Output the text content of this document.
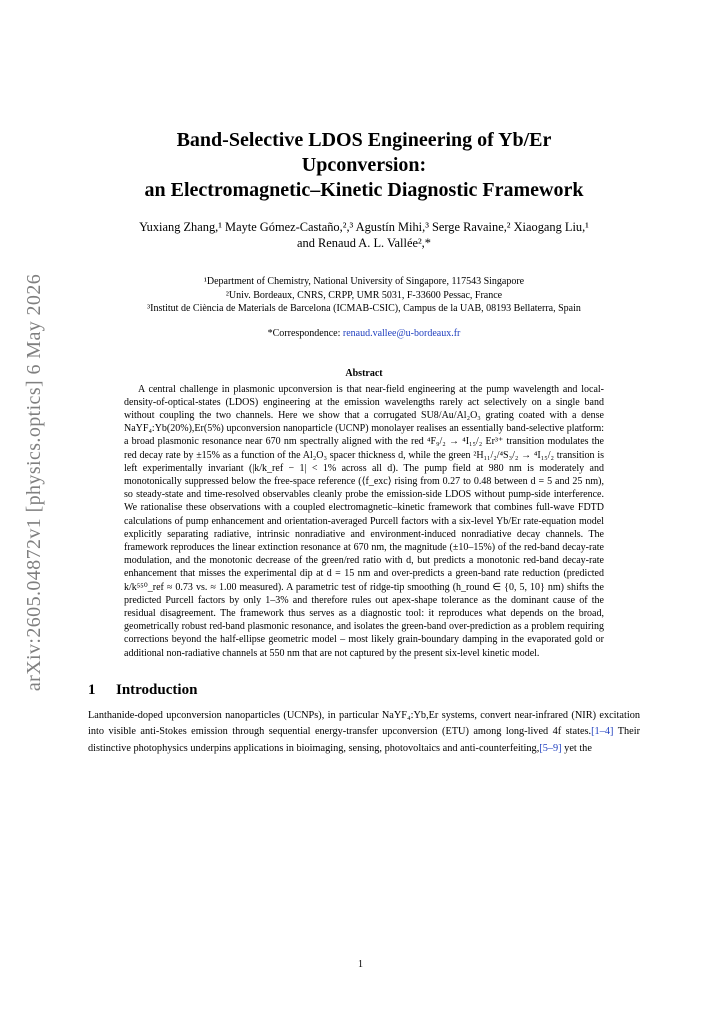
arXiv:2605.04872v1 [physics.optics] 6 May 2026
Band-Selective LDOS Engineering of Yb/Er
Upconversion:
an Electromagnetic–Kinetic Diagnostic Framework
Yuxiang Zhang,¹ Mayte Gómez-Castaño,²,³ Agustín Mihi,³ Serge Ravaine,² Xiaogang Liu,¹
and Renaud A. L. Vallée²,*
¹Department of Chemistry, National University of Singapore, 117543 Singapore
²Univ. Bordeaux, CNRS, CRPP, UMR 5031, F-33600 Pessac, France
³Institut de Ciència de Materials de Barcelona (ICMAB-CSIC), Campus de la UAB, 08193 Bellaterra, Spain
*Correspondence: renaud.vallee@u-bordeaux.fr
Abstract
A central challenge in plasmonic upconversion is that near-field engineering at the pump wavelength and local-density-of-optical-states (LDOS) engineering at the emission wavelengths rarely act selectively on a single band without coupling the two channels. Here we show that a corrugated SU8/Au/Al₂O₃ grating coated with a dense NaYF₄:Yb(20%),Er(5%) upconversion nanoparticle (UCNP) monolayer realises an essentially band-selective platform: a broad plasmonic resonance near 670 nm spectrally aligned with the red ⁴F₉/₂ → ⁴I₁₅/₂ Er³⁺ transition modulates the red decay rate by ±15% as a function of the Al₂O₃ spacer thickness d, while the green ²H₁₁/₂/⁴S₃/₂ → ⁴I₁₅/₂ transition is left experimentally invariant (|k/k_ref − 1| < 1% across all d). The pump field at 980 nm is moderately and monotonically suppressed below the free-space reference (⟨f_exc⟩ rising from 0.27 to 0.48 between d = 5 and 25 nm), so steady-state and time-resolved observables cleanly probe the emission-side LDOS without pump-side interference. We rationalise these observations with a coupled electromagnetic–kinetic framework that combines full-wave FDTD calculations of pump enhancement and orientation-averaged Purcell factors with a six-level Yb/Er rate-equation model explicitly separating radiative, intrinsic nonradiative and environment-induced nonradiative decay channels. The framework reproduces the linear extinction resonance at 670 nm, the magnitude (±10–15%) of the red-band decay-rate modulation, and the monotonic decrease of the green/red ratio with d, but predicts a monotonic red-band decay-rate enhancement that misses the experimental dip at d = 15 nm and over-predicts a green-band rate reduction (predicted k/k⁵⁵⁰_ref ≈ 0.73 vs. ≈ 1.00 measured). A parametric test of ridge-tip smoothing (h_round ∈ {0, 5, 10} nm) shifts the predicted Purcell factors by only 1–3% and therefore rules out apex-shape tolerance as the dominant cause of the residual disagreement. The framework thus serves as a diagnostic tool: it reproduces what depends on the broad, geometrically robust red-band plasmonic resonance, and isolates the green-band over-prediction as a problem requiring corrections beyond the half-ellipse geometric model – most likely grain-boundary damping in the evaporated gold or additional non-radiative channels at 550 nm that are not captured by the present six-level kinetic model.
1 Introduction
Lanthanide-doped upconversion nanoparticles (UCNPs), in particular NaYF₄:Yb,Er systems, convert near-infrared (NIR) excitation into visible anti-Stokes emission through sequential energy-transfer upconversion (ETU) among long-lived 4f states.[1–4] Their distinctive photophysics underpins applications in bioimaging, sensing, photovoltaics and anti-counterfeiting,[5–9] yet the
1
